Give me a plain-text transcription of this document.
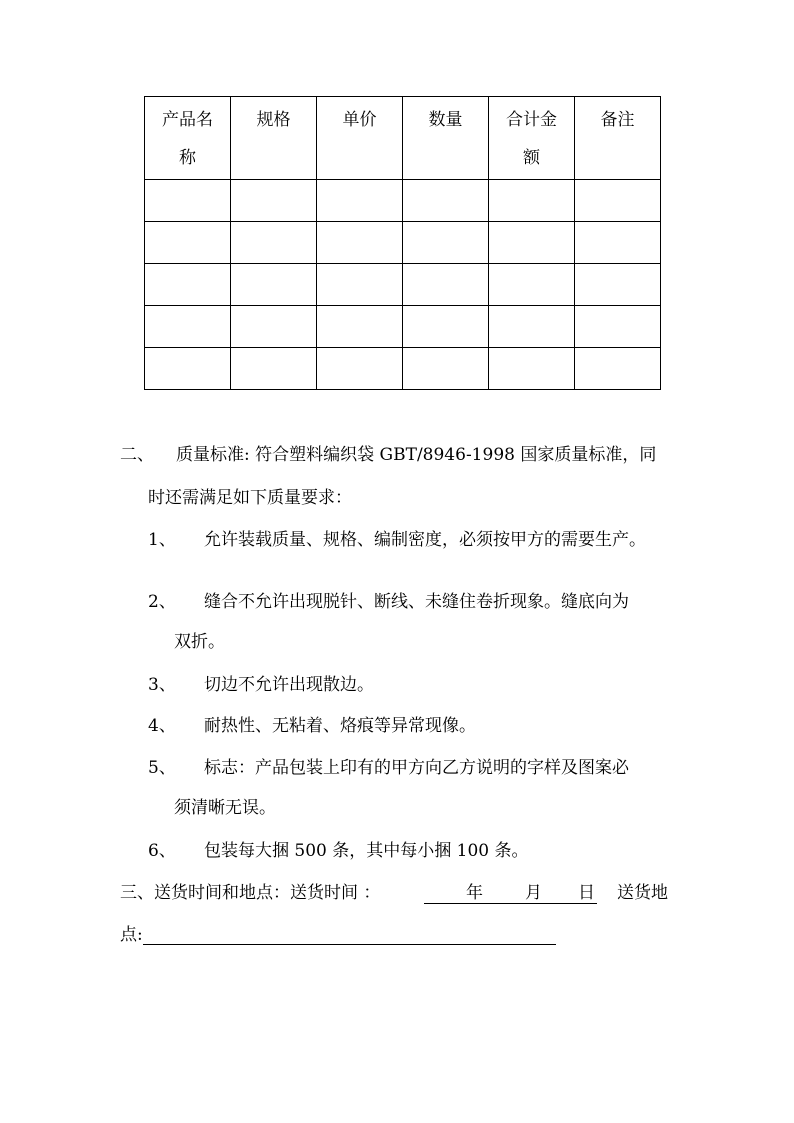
产品名称	规格	单价	数量	合计金额	备注

二、 质量标准: 符合塑料编织袋 GBT/8946-1998 国家质量标准，同
时还需满足如下质量要求：
1、 允许装载质量、规格、编制密度，必须按甲方的需要生产。
2、 缝合不允许出现脱针、断线、未缝住卷折现象。缝底向为
双折。
3、 切边不允许出现散边。
4、 耐热性、无粘着、烙痕等异常现像。
5、 标志：产品包装上印有的甲方向乙方说明的字样及图案必
须清晰无误。
6、 包装每大捆 500 条，其中每小捆 100 条。
三、送货时间和地点：送货时间 ：	年 月 日 送货地
点:
